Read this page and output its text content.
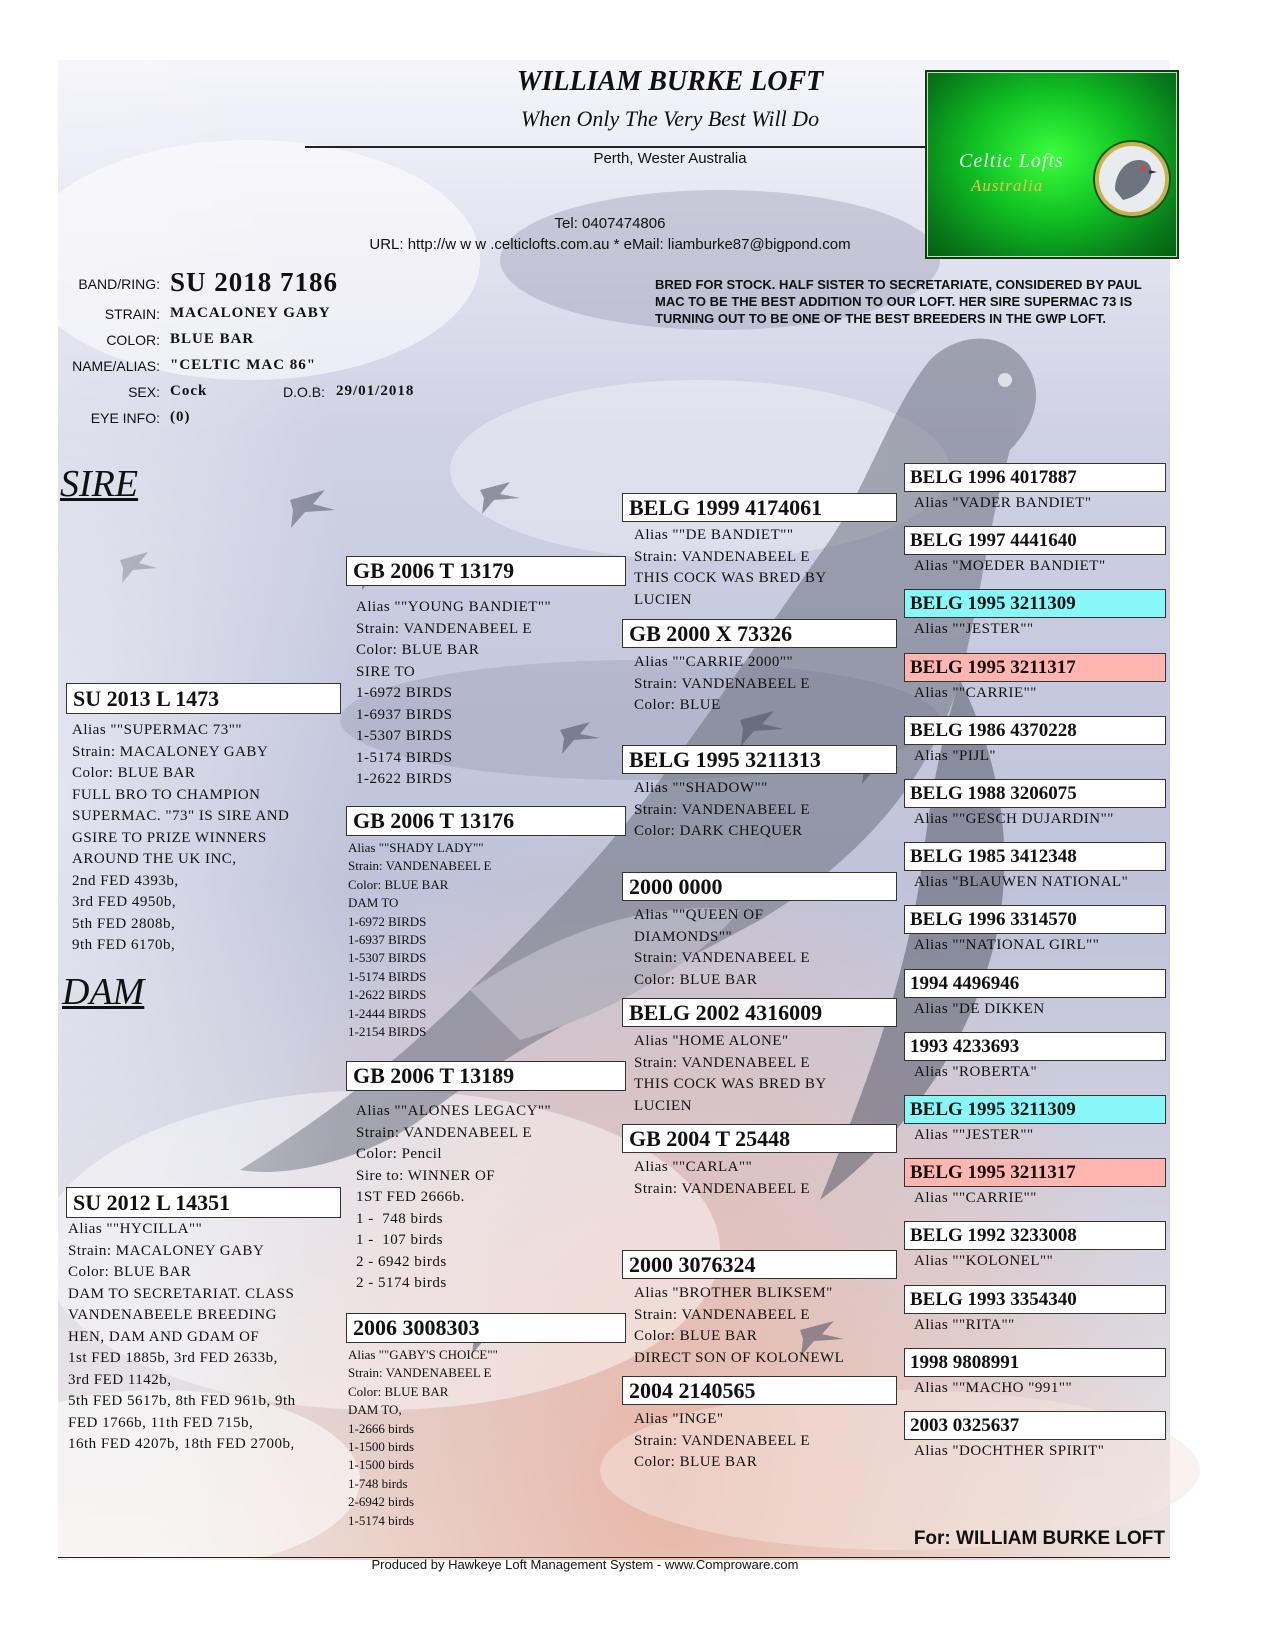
WILLIAM BURKE LOFT
When Only The Very Best Will Do
Perth, Wester Australia
Tel: 0407474806
URL: http://w w w .celticlofts.com.au * eMail: liamburke87@bigpond.com
Celtic Lofts
Australia
BAND/RING: SU 2018 7186
STRAIN: MACALONEY GABY
COLOR: BLUE BAR
NAME/ALIAS: "CELTIC MAC 86"
SEX: Cock	D.O.B: 29/01/2018
EYE INFO: (0)
BRED FOR STOCK. HALF SISTER TO SECRETARIATE, CONSIDERED BY PAUL MAC TO BE THE BEST ADDITION TO OUR LOFT. HER SIRE SUPERMAC 73 IS TURNING OUT TO BE ONE OF THE BEST BREEDERS IN THE GWP LOFT.
SIRE
DAM
SU 2013 L 1473
Alias ""SUPERMAC 73""
Strain: MACALONEY GABY
Color: BLUE BAR
FULL BRO TO CHAMPION
SUPERMAC. "73" IS SIRE AND
GSIRE TO PRIZE WINNERS
AROUND THE UK INC,
2nd FED 4393b,
3rd FED 4950b,
5th FED 2808b,
9th FED 6170b,
SU 2012 L 14351
Alias ""HYCILLA""
Strain: MACALONEY GABY
Color: BLUE BAR
DAM TO SECRETARIAT. CLASS
VANDENABEELE BREEDING
HEN, DAM AND GDAM OF
1st FED 1885b, 3rd FED 2633b,
3rd FED 1142b,
5th FED 5617b, 8th FED 961b, 9th
FED 1766b, 11th FED 715b,
16th FED 4207b, 18th FED 2700b,
GB 2006 T 13179
Alias ""YOUNG BANDIET""
Strain: VANDENABEEL E
Color: BLUE BAR
SIRE TO
1-6972 BIRDS
1-6937 BIRDS
1-5307 BIRDS
1-5174 BIRDS
1-2622 BIRDS
GB 2006 T 13176
Alias ""SHADY LADY""
Strain: VANDENABEEL E
Color: BLUE BAR
DAM TO
1-6972 BIRDS
1-6937 BIRDS
1-5307 BIRDS
1-5174 BIRDS
1-2622 BIRDS
1-2444 BIRDS
1-2154 BIRDS
GB 2006 T 13189
Alias ""ALONES LEGACY""
Strain: VANDENABEEL E
Color: Pencil
Sire to: WINNER OF
1ST FED 2666b.
1 -  748 birds
1 -  107 birds
2 - 6942 birds
2 - 5174 birds
2006 3008303
Alias ""GABY'S CHOICE""
Strain: VANDENABEEL E
Color: BLUE BAR
DAM TO,
1-2666 birds
1-1500 birds
1-1500 birds
1-748 birds
2-6942 birds
1-5174 birds
BELG 1999 4174061
Alias ""DE BANDIET""
Strain: VANDENABEEL E
THIS COCK WAS BRED BY
LUCIEN
GB 2000 X 73326
Alias ""CARRIE 2000""
Strain: VANDENABEEL E
Color: BLUE
BELG 1995 3211313
Alias ""SHADOW""
Strain: VANDENABEEL E
Color: DARK CHEQUER
2000 0000
Alias ""QUEEN OF
DIAMONDS""
Strain: VANDENABEEL E
Color: BLUE BAR
BELG 2002 4316009
Alias "HOME ALONE"
Strain: VANDENABEEL E
THIS COCK WAS BRED BY
LUCIEN
GB 2004 T 25448
Alias ""CARLA""
Strain: VANDENABEEL E
2000 3076324
Alias "BROTHER BLIKSEM"
Strain: VANDENABEEL E
Color: BLUE BAR
DIRECT SON OF KOLONEWL
2004 2140565
Alias "INGE"
Strain: VANDENABEEL E
Color: BLUE BAR
BELG 1996 4017887
Alias "VADER BANDIET"
BELG 1997 4441640
Alias "MOEDER BANDIET"
BELG 1995 3211309
Alias ""JESTER""
BELG 1995 3211317
Alias ""CARRIE""
BELG 1986 4370228
Alias "PIJL"
BELG 1988 3206075
Alias ""GESCH DUJARDIN""
BELG 1985 3412348
Alias "BLAUWEN NATIONAL"
BELG 1996 3314570
Alias ""NATIONAL GIRL""
1994 4496946
Alias "DE DIKKEN
1993 4233693
Alias "ROBERTA"
BELG 1995 3211309
Alias ""JESTER""
BELG 1995 3211317
Alias ""CARRIE""
BELG 1992 3233008
Alias ""KOLONEL""
BELG 1993 3354340
Alias ""RITA""
1998 9808991
Alias ""MACHO "991""
2003 0325637
Alias "DOCHTHER SPIRIT"
For: WILLIAM BURKE LOFT
Produced by Hawkeye Loft Management System - www.Comproware.com
